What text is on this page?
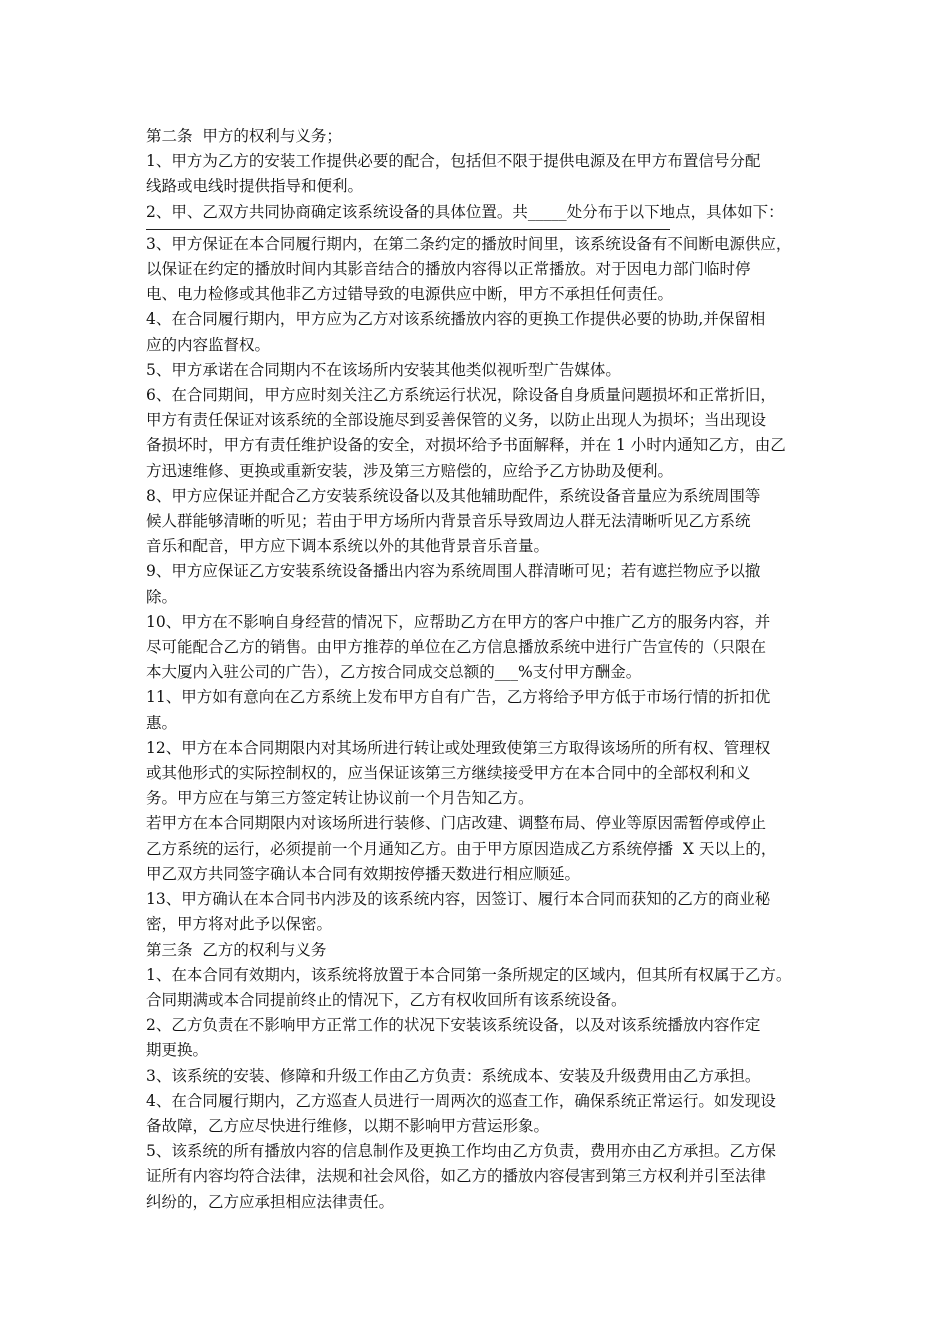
第二条  甲方的权利与义务；
1、甲方为乙方的安装工作提供必要的配合，包括但不限于提供电源及在甲方布置信号分配
线路或电线时提供指导和便利。
2、甲、乙双方共同协商确定该系统设备的具体位置。共_____处分布于以下地点，具体如下：
3、甲方保证在本合同履行期内，在第二条约定的播放时间里，该系统设备有不间断电源供应，
以保证在约定的播放时间内其影音结合的播放内容得以正常播放。对于因电力部门临时停
电、电力检修或其他非乙方过错导致的电源供应中断，甲方不承担任何责任。
4、在合同履行期内，甲方应为乙方对该系统播放内容的更换工作提供必要的协助,并保留相
应的内容监督权。
5、甲方承诺在合同期内不在该场所内安装其他类似视听型广告媒体。
6、在合同期间，甲方应时刻关注乙方系统运行状况，除设备自身质量问题损坏和正常折旧，
甲方有责任保证对该系统的全部设施尽到妥善保管的义务，以防止出现人为损坏；当出现设
备损坏时，甲方有责任维护设备的安全，对损坏给予书面解释，并在 1 小时内通知乙方，由乙
方迅速维修、更换或重新安装，涉及第三方赔偿的，应给予乙方协助及便利。
8、甲方应保证并配合乙方安装系统设备以及其他辅助配件，系统设备音量应为系统周围等
候人群能够清晰的听见；若由于甲方场所内背景音乐导致周边人群无法清晰听见乙方系统
音乐和配音，甲方应下调本系统以外的其他背景音乐音量。
9、甲方应保证乙方安装系统设备播出内容为系统周围人群清晰可见；若有遮拦物应予以撤
除。
10、甲方在不影响自身经营的情况下，应帮助乙方在甲方的客户中推广乙方的服务内容，并
尽可能配合乙方的销售。由甲方推荐的单位在乙方信息播放系统中进行广告宣传的（只限在
本大厦内入驻公司的广告），乙方按合同成交总额的___%支付甲方酬金。
11、甲方如有意向在乙方系统上发布甲方自有广告，乙方将给予甲方低于市场行情的折扣优
惠。
12、甲方在本合同期限内对其场所进行转让或处理致使第三方取得该场所的所有权、管理权
或其他形式的实际控制权的，应当保证该第三方继续接受甲方在本合同中的全部权利和义
务。甲方应在与第三方签定转让协议前一个月告知乙方。
若甲方在本合同期限内对该场所进行装修、门店改建、调整布局、停业等原因需暂停或停止
乙方系统的运行，必须提前一个月通知乙方。由于甲方原因造成乙方系统停播  X 天以上的，
甲乙双方共同签字确认本合同有效期按停播天数进行相应顺延。
13、甲方确认在本合同书内涉及的该系统内容，因签订、履行本合同而获知的乙方的商业秘
密，甲方将对此予以保密。
第三条  乙方的权利与义务
1、在本合同有效期内，该系统将放置于本合同第一条所规定的区域内，但其所有权属于乙方。
合同期满或本合同提前终止的情况下，乙方有权收回所有该系统设备。
2、乙方负责在不影响甲方正常工作的状况下安装该系统设备，以及对该系统播放内容作定
期更换。
3、该系统的安装、修障和升级工作由乙方负责：系统成本、安装及升级费用由乙方承担。
4、在合同履行期内，乙方巡查人员进行一周两次的巡查工作，确保系统正常运行。如发现设
备故障，乙方应尽快进行维修，以期不影响甲方营运形象。
5、该系统的所有播放内容的信息制作及更换工作均由乙方负责，费用亦由乙方承担。乙方保
证所有内容均符合法律，法规和社会风俗，如乙方的播放内容侵害到第三方权利并引至法律
纠纷的，乙方应承担相应法律责任。
